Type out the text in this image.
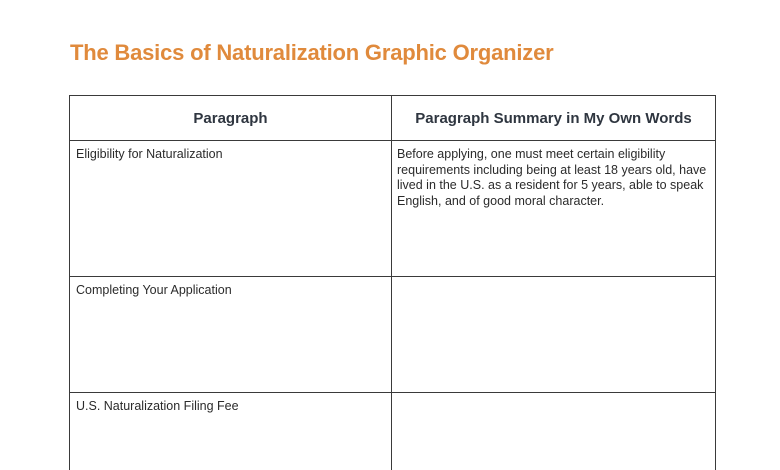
The Basics of Naturalization Graphic Organizer
Paragraph	Paragraph Summary in My Own Words
Eligibility for Naturalization	Before applying, one must meet certain eligibility requirements including being at least 18 years old, have lived in the U.S. as a resident for 5 years, able to speak English, and of good moral character.
Completing Your Application	
U.S. Naturalization Filing Fee	
